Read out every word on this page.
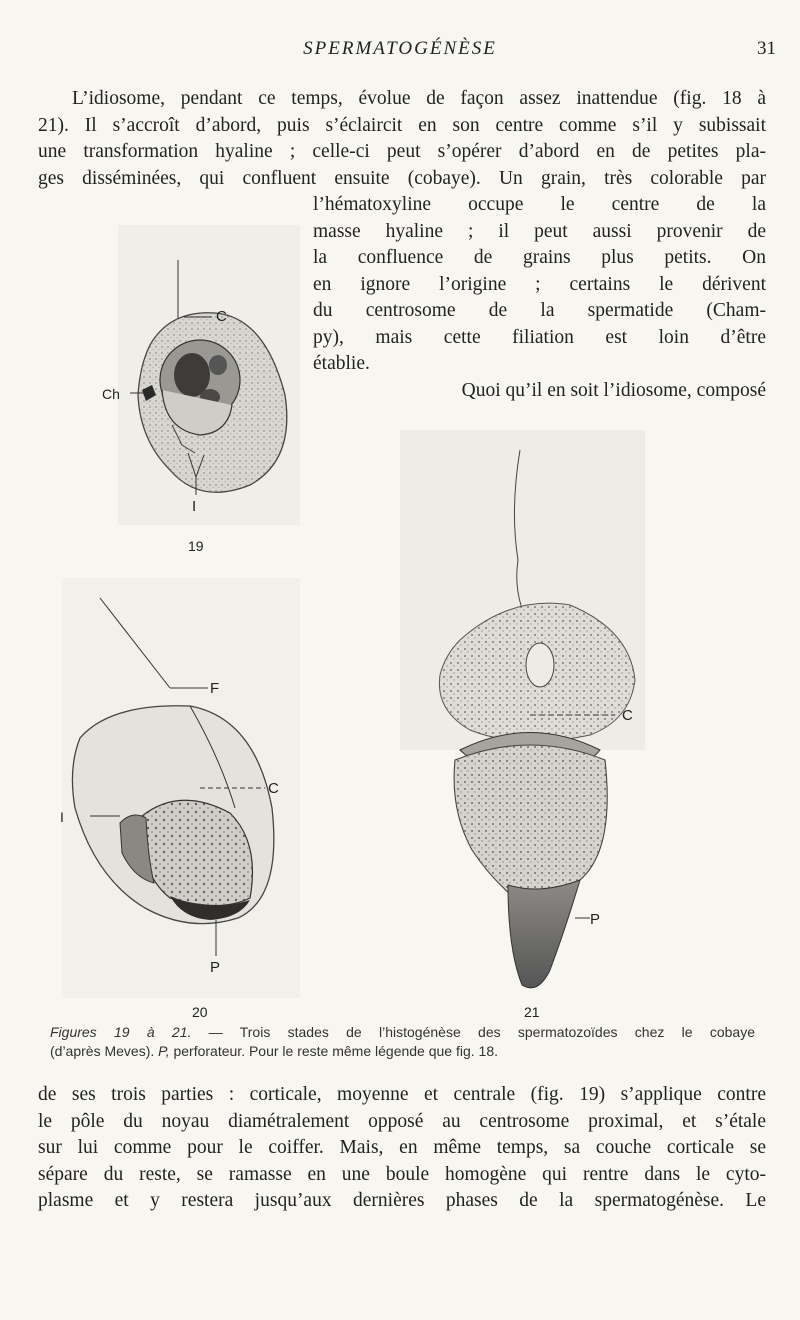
SPERMATOGÉNÈSE	31
L’idiosome, pendant ce temps, évolue de façon assez inattendue (fig. 18 à
21). Il s’accroît d’abord, puis s’éclaircit en son centre comme s’il y subissait
une transformation hyaline ; celle-ci peut s’opérer d’abord en de petites pla-
ges disséminées, qui confluent ensuite (cobaye). Un grain, très colorable par
l’hématoxyline occupe le centre de la
masse hyaline ; il peut aussi provenir de
la confluence de grains plus petits. On
en ignore l’origine ; certains le dérivent
du centrosome de la spermatide (Cham-
py), mais cette filiation est loin d’être
établie.
Quoi qu’il en soit l’idiosome, composé
C
Ch
I
19
F
I
C
P
20
C
P
21
Figures 19 à 21. — Trois stades de l’histogénèse des spermatozoïdes chez le cobaye
(d’après Meves). P, perforateur. Pour le reste même légende que fig. 18.
de ses trois parties : corticale, moyenne et centrale (fig. 19) s’applique contre
le pôle du noyau diamétralement opposé au centrosome proximal, et s’étale
sur lui comme pour le coiffer. Mais, en même temps, sa couche corticale se
sépare du reste, se ramasse en une boule homogène qui rentre dans le cyto-
plasme et y restera jusqu’aux dernières phases de la spermatogénèse. Le
